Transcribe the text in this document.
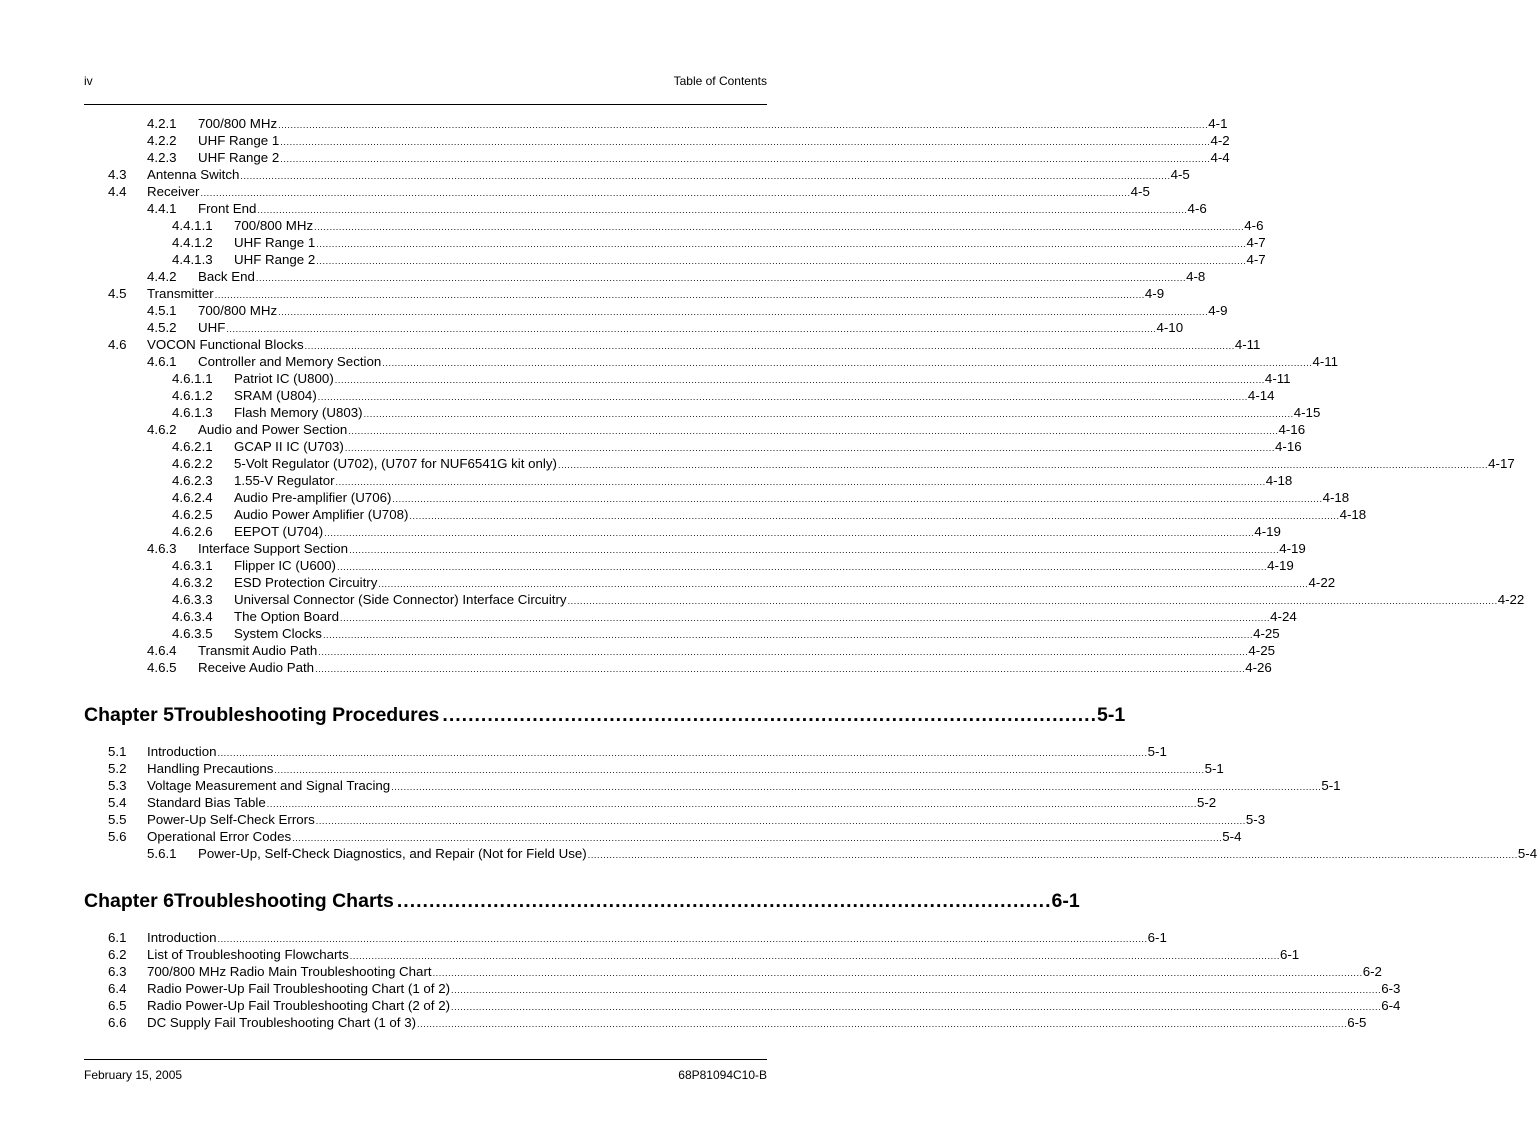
iv	Table of Contents
4.2.1 700/800 MHz ............................................................................................................................................................................................................................................................................................................ 4-1
4.2.2 UHF Range 1 ............................................................................................................................................................................................................................................................................................................ 4-2
4.2.3 UHF Range 2 ............................................................................................................................................................................................................................................................................................................ 4-4
4.3 Antenna Switch ............................................................................................................................................................................................................................................................................................................ 4-5
4.4 Receiver ............................................................................................................................................................................................................................................................................................................ 4-5
4.4.1 Front End ............................................................................................................................................................................................................................................................................................................ 4-6
4.4.1.1 700/800 MHz ............................................................................................................................................................................................................................................................................................................ 4-6
4.4.1.2 UHF Range 1 ............................................................................................................................................................................................................................................................................................................ 4-7
4.4.1.3 UHF Range 2 ............................................................................................................................................................................................................................................................................................................ 4-7
4.4.2 Back End ............................................................................................................................................................................................................................................................................................................ 4-8
4.5 Transmitter ............................................................................................................................................................................................................................................................................................................ 4-9
4.5.1 700/800 MHz ............................................................................................................................................................................................................................................................................................................ 4-9
4.5.2 UHF ............................................................................................................................................................................................................................................................................................................ 4-10
4.6 VOCON Functional Blocks ............................................................................................................................................................................................................................................................................................................ 4-11
4.6.1 Controller and Memory Section ............................................................................................................................................................................................................................................................................................................ 4-11
4.6.1.1 Patriot IC (U800) ............................................................................................................................................................................................................................................................................................................ 4-11
4.6.1.2 SRAM (U804) ............................................................................................................................................................................................................................................................................................................ 4-14
4.6.1.3 Flash Memory (U803) ............................................................................................................................................................................................................................................................................................................ 4-15
4.6.2 Audio and Power Section ............................................................................................................................................................................................................................................................................................................ 4-16
4.6.2.1 GCAP II IC (U703) ............................................................................................................................................................................................................................................................................................................ 4-16
4.6.2.2 5-Volt Regulator (U702), (U707 for NUF6541G kit only) ............................................................................................................................................................................................................................................................................................................ 4-17
4.6.2.3 1.55-V Regulator ............................................................................................................................................................................................................................................................................................................ 4-18
4.6.2.4 Audio Pre-amplifier (U706) ............................................................................................................................................................................................................................................................................................................ 4-18
4.6.2.5 Audio Power Amplifier (U708) ............................................................................................................................................................................................................................................................................................................ 4-18
4.6.2.6 EEPOT (U704) ............................................................................................................................................................................................................................................................................................................ 4-19
4.6.3 Interface Support Section ............................................................................................................................................................................................................................................................................................................ 4-19
4.6.3.1 Flipper IC (U600) ............................................................................................................................................................................................................................................................................................................ 4-19
4.6.3.2 ESD Protection Circuitry ............................................................................................................................................................................................................................................................................................................ 4-22
4.6.3.3 Universal Connector (Side Connector) Interface Circuitry ............................................................................................................................................................................................................................................................................................................ 4-22
4.6.3.4 The Option Board ............................................................................................................................................................................................................................................................................................................ 4-24
4.6.3.5 System Clocks ............................................................................................................................................................................................................................................................................................................ 4-25
4.6.4 Transmit Audio Path ............................................................................................................................................................................................................................................................................................................ 4-25
4.6.5 Receive Audio Path ............................................................................................................................................................................................................................................................................................................ 4-26
Chapter 5 Troubleshooting Procedures ...................................................................................................... 5-1
5.1 Introduction ............................................................................................................................................................................................................................................................................................................ 5-1
5.2 Handling Precautions ............................................................................................................................................................................................................................................................................................................ 5-1
5.3 Voltage Measurement and Signal Tracing ............................................................................................................................................................................................................................................................................................................ 5-1
5.4 Standard Bias Table ............................................................................................................................................................................................................................................................................................................ 5-2
5.5 Power-Up Self-Check Errors ............................................................................................................................................................................................................................................................................................................ 5-3
5.6 Operational Error Codes ............................................................................................................................................................................................................................................................................................................ 5-4
5.6.1 Power-Up, Self-Check Diagnostics, and Repair (Not for Field Use) ............................................................................................................................................................................................................................................................................................................ 5-4
Chapter 6 Troubleshooting Charts ...................................................................................................... 6-1
6.1 Introduction ............................................................................................................................................................................................................................................................................................................ 6-1
6.2 List of Troubleshooting Flowcharts ............................................................................................................................................................................................................................................................................................................ 6-1
6.3 700/800 MHz Radio Main Troubleshooting Chart ............................................................................................................................................................................................................................................................................................................ 6-2
6.4 Radio Power-Up Fail Troubleshooting Chart (1 of 2) ............................................................................................................................................................................................................................................................................................................ 6-3
6.5 Radio Power-Up Fail Troubleshooting Chart (2 of 2) ............................................................................................................................................................................................................................................................................................................ 6-4
6.6 DC Supply Fail Troubleshooting Chart (1 of 3) ............................................................................................................................................................................................................................................................................................................ 6-5
February 15, 2005	68P81094C10-B
